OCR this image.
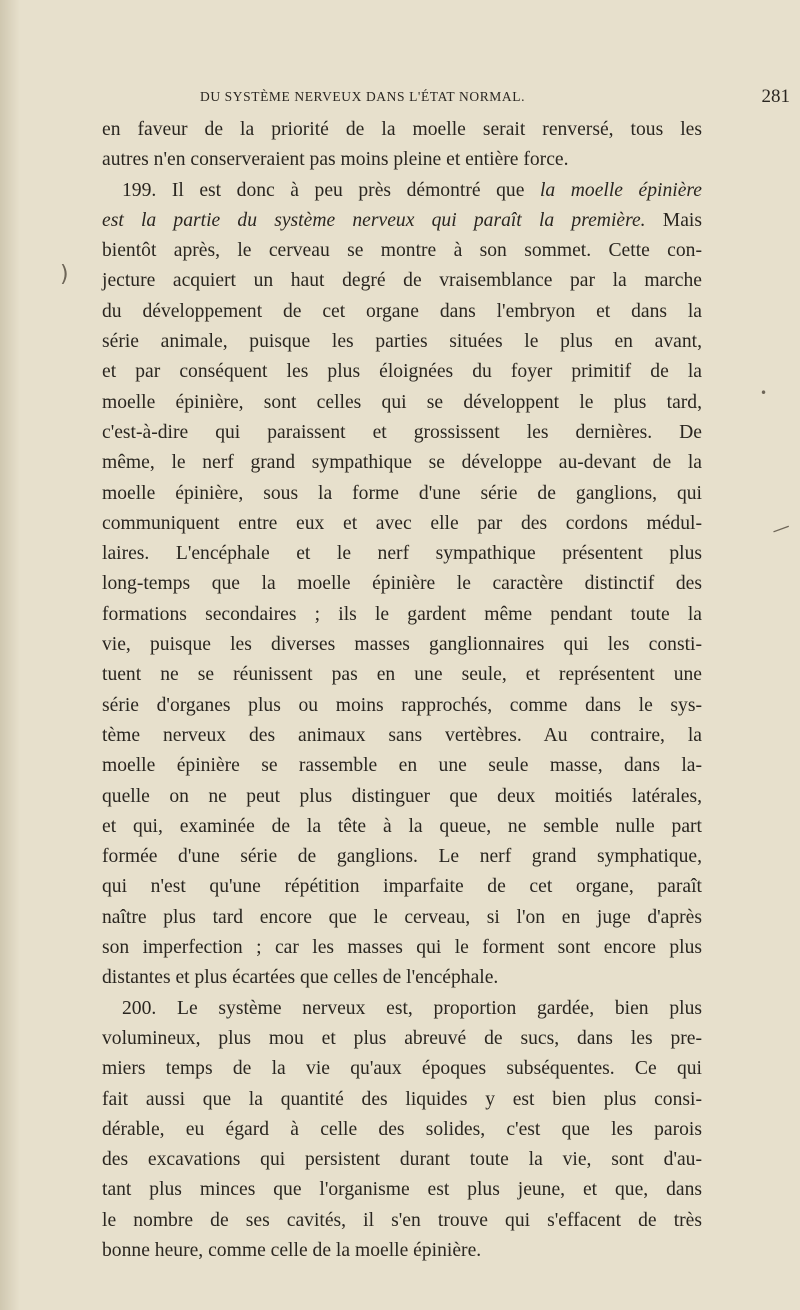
DU SYSTÈME NERVEUX DANS L'ÉTAT NORMAL.	281
en faveur de la priorité de la moelle serait renversé, tous les
autres n'en conserveraient pas moins pleine et entière force.
199. Il est donc à peu près démontré que la moelle épinière
est la partie du système nerveux qui paraît la première. Mais
bientôt après, le cerveau se montre à son sommet. Cette con-
jecture acquiert un haut degré de vraisemblance par la marche
du développement de cet organe dans l'embryon et dans la
série animale, puisque les parties situées le plus en avant,
et par conséquent les plus éloignées du foyer primitif de la
moelle épinière, sont celles qui se développent le plus tard,
c'est-à-dire qui paraissent et grossissent les dernières. De
même, le nerf grand sympathique se développe au-devant de la
moelle épinière, sous la forme d'une série de ganglions, qui
communiquent entre eux et avec elle par des cordons médul-
laires. L'encéphale et le nerf sympathique présentent plus
long-temps que la moelle épinière le caractère distinctif des
formations secondaires ; ils le gardent même pendant toute la
vie, puisque les diverses masses ganglionnaires qui les consti-
tuent ne se réunissent pas en une seule, et représentent une
série d'organes plus ou moins rapprochés, comme dans le sys-
tème nerveux des animaux sans vertèbres. Au contraire, la
moelle épinière se rassemble en une seule masse, dans la-
quelle on ne peut plus distinguer que deux moitiés latérales,
et qui, examinée de la tête à la queue, ne semble nulle part
formée d'une série de ganglions. Le nerf grand symphatique,
qui n'est qu'une répétition imparfaite de cet organe, paraît
naître plus tard encore que le cerveau, si l'on en juge d'après
son imperfection ; car les masses qui le forment sont encore plus
distantes et plus écartées que celles de l'encéphale.
200. Le système nerveux est, proportion gardée, bien plus
volumineux, plus mou et plus abreuvé de sucs, dans les pre-
miers temps de la vie qu'aux époques subséquentes. Ce qui
fait aussi que la quantité des liquides y est bien plus consi-
dérable, eu égard à celle des solides, c'est que les parois
des excavations qui persistent durant toute la vie, sont d'au-
tant plus minces que l'organisme est plus jeune, et que, dans
le nombre de ses cavités, il s'en trouve qui s'effacent de très
bonne heure, comme celle de la moelle épinière.
)
•
—
